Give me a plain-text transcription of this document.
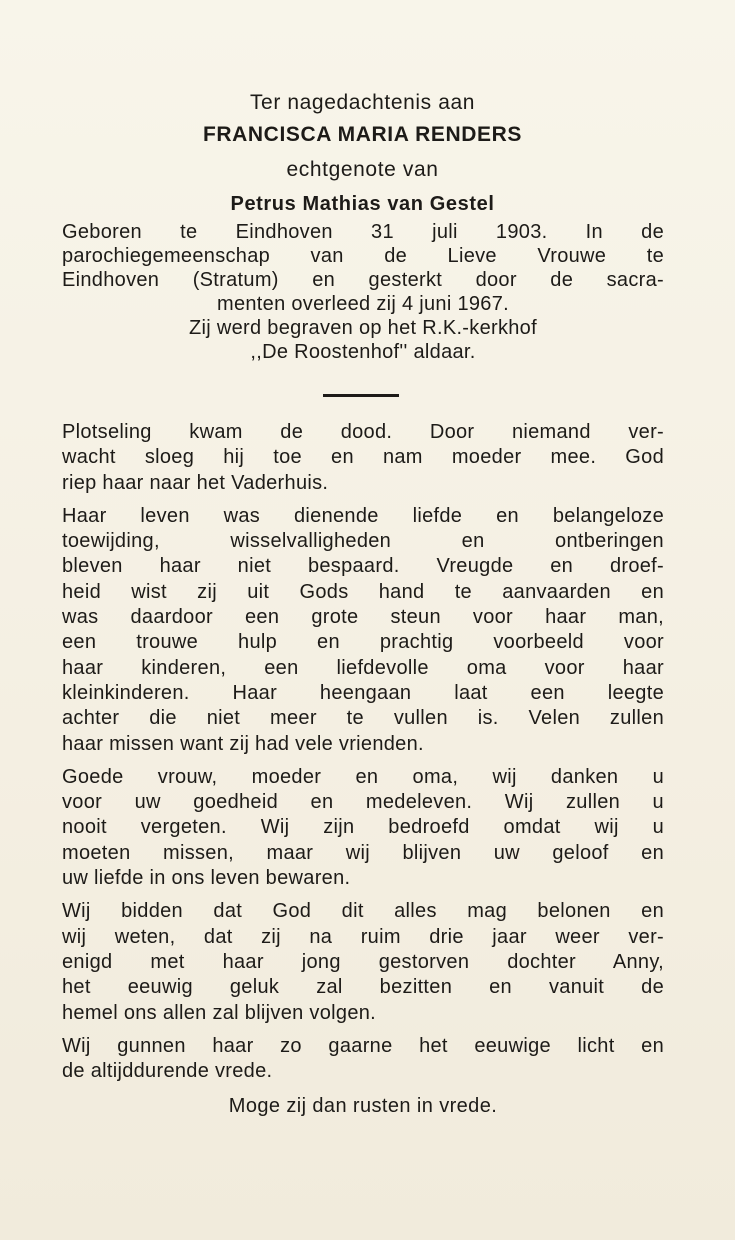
Ter nagedachtenis aan
FRANCISCA MARIA RENDERS
echtgenote van
Petrus Mathias van Gestel
Geboren te Eindhoven 31 juli 1903. In de
parochiegemeenschap van de Lieve Vrouwe te
Eindhoven (Stratum) en gesterkt door de sacra-
menten overleed zij 4 juni 1967.
Zij werd begraven op het R.K.-kerkhof
,,De Roostenhof'' aldaar.
Plotseling kwam de dood. Door niemand ver-
wacht sloeg hij toe en nam moeder mee. God
riep haar naar het Vaderhuis.
Haar leven was dienende liefde en belangeloze
toewijding, wisselvalligheden en ontberingen
bleven haar niet bespaard. Vreugde en droef-
heid wist zij uit Gods hand te aanvaarden en
was daardoor een grote steun voor haar man,
een trouwe hulp en prachtig voorbeeld voor
haar kinderen, een liefdevolle oma voor haar
kleinkinderen. Haar heengaan laat een leegte
achter die niet meer te vullen is. Velen zullen
haar missen want zij had vele vrienden.
Goede vrouw, moeder en oma, wij danken u
voor uw goedheid en medeleven. Wij zullen u
nooit vergeten. Wij zijn bedroefd omdat wij u
moeten missen, maar wij blijven uw geloof en
uw liefde in ons leven bewaren.
Wij bidden dat God dit alles mag belonen en
wij weten, dat zij na ruim drie jaar weer ver-
enigd met haar jong gestorven dochter Anny,
het eeuwig geluk zal bezitten en vanuit de
hemel ons allen zal blijven volgen.
Wij gunnen haar zo gaarne het eeuwige licht en
de altijddurende vrede.
Moge zij dan rusten in vrede.
